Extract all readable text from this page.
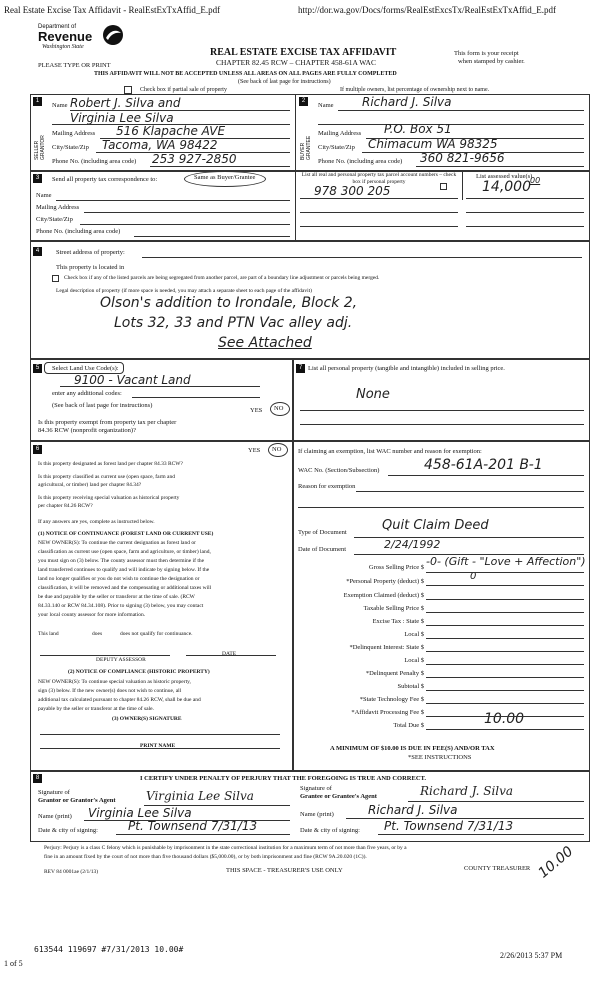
Real Estate Excise Tax Affidavit - RealEstExTxAffid_E.pdf	http://dor.wa.gov/Docs/forms/RealEstExcsTx/RealEstExTxAffid_E.pdf
Department of
Revenue
Washington State	REAL ESTATE EXCISE TAX AFFIDAVIT
CHAPTER 82.45 RCW – CHAPTER 458-61A WAC
PLEASE TYPE OR PRINT
This form is your receipt
when stamped by cashier.
THIS AFFIDAVIT WILL NOT BE ACCEPTED UNLESS ALL AREAS ON ALL PAGES ARE FULLY COMPLETED
(See back of last page for instructions)
Check box if partial sale of property	If multiple owners, list percentage of ownership next to name.
1	2
SELLER GRANTOR	BUYER GRANTEE
Name Robert J. Silva and
Virginia Lee Silva
Mailing Address 516 Klapache AVE
City/State/Zip Tacoma, WA 98422
Phone No. (including area code) 253 927-2850
Name Richard J. Silva
Mailing Address P.O. Box 51
City/State/Zip Chimacum WA 98325
Phone No. (including area code) 360 821-9656
3	Send all property tax correspondence to:	Same as Buyer/Grantee
Name
Mailing Address
City/State/Zip
Phone No. (including area code)
List all real and personal property tax parcel account numbers – check box if personal property
List assessed value(s)
978 300 205	14,000 00
4	Street address of property:
This property is located in
Check box if any of the listed parcels are being segregated from another parcel, are part of a boundary line adjustment or parcels being merged.
Legal description of property (if more space is needed, you may attach a separate sheet to each page of the affidavit)
Olson's addition to Irondale, Block 2,
Lots 32, 33 and PTN Vac alley adj.
See Attached
5	Select Land Use Code(s):
9100 - Vacant Land
enter any additional codes:
(See back of last page for instructions)
YES NO
Is this property exempt from property tax per chapter
84.36 RCW (nonprofit organization)?
7 List all personal property (tangible and intangible) included in selling price.
None
6	YES NO
Is this property designated as forest land per chapter 84.33 RCW?
Is this property classified as current use (open space, farm and
agricultural, or timber) land per chapter 84.34?
Is this property receiving special valuation as historical property
per chapter 84.26 RCW?
If any answers are yes, complete as instructed below.
(1) NOTICE OF CONTINUANCE (FOREST LAND OR CURRENT USE)
NEW OWNER(S): To continue the current designation as forest land or
classification as current use (open space, farm and agriculture, or timber) land,
you must sign on (3) below. The county assessor must then determine if the
land transferred continues to qualify and will indicate by signing below. If the
land no longer qualifies or you do not wish to continue the designation or
classification, it will be removed and the compensating or additional taxes will
be due and payable by the seller or transferor at the time of sale. (RCW
84.33.140 or RCW 84.34.108). Prior to signing (3) below, you may contact
your local county assessor for more information.
This land	does	does not qualify for continuance.
DEPUTY ASSESSOR
DATE
(2) NOTICE OF COMPLIANCE (HISTORIC PROPERTY)
NEW OWNER(S): To continue special valuation as historic property,
sign (3) below. If the new owner(s) does not wish to continue, all
additional tax calculated pursuant to chapter 84.26 RCW, shall be due and
payable by the seller or transferor at the time of sale.
(3) OWNER(S) SIGNATURE
PRINT NAME
If claiming an exemption, list WAC number and reason for exemption:
WAC No. (Section/Subsection)	458-61A-201 B-1
Reason for exemption
Type of Document	Quit Claim Deed
Date of Document	2/24/1992
Gross Selling Price $ -0- (Gift - "Love + Affection")
*Personal Property (deduct) $	0
Exemption Claimed (deduct) $
Taxable Selling Price $
Excise Tax : State $
Local $
*Delinquent Interest: State $
Local $
*Delinquent Penalty $
Subtotal $
*State Technology Fee $
*Affidavit Processing Fee $
Total Due $	10.00
A MINIMUM OF $10.00 IS DUE IN FEE(S) AND/OR TAX
*SEE INSTRUCTIONS
8	I CERTIFY UNDER PENALTY OF PERJURY THAT THE FOREGOING IS TRUE AND CORRECT.
Signature of
Grantor or Grantor's Agent	Virginia Lee Silva
Name (print) Virginia Lee Silva
Date & city of signing:	Pt. Townsend 7/31/13
Signature of
Grantee or Grantee's Agent	Richard J. Silva
Name (print)	Richard J. Silva
Date & city of signing: Pt. Townsend 7/31/13
Perjury: Perjury is a class C felony which is punishable by imprisonment in the state correctional institution for a maximum term of not more than five years, or by a
fine in an amount fixed by the court of not more than five thousand dollars ($5,000.00), or by both imprisonment and fine (RCW 9A.20.020 (1C)).
REV 84 0001ae (2/1/13)	THIS SPACE - TREASURER'S USE ONLY	COUNTY TREASURER 10.00
613544 119697 #7/31/2013 10.00#
1 of 5
2/26/2013 5:37 PM
